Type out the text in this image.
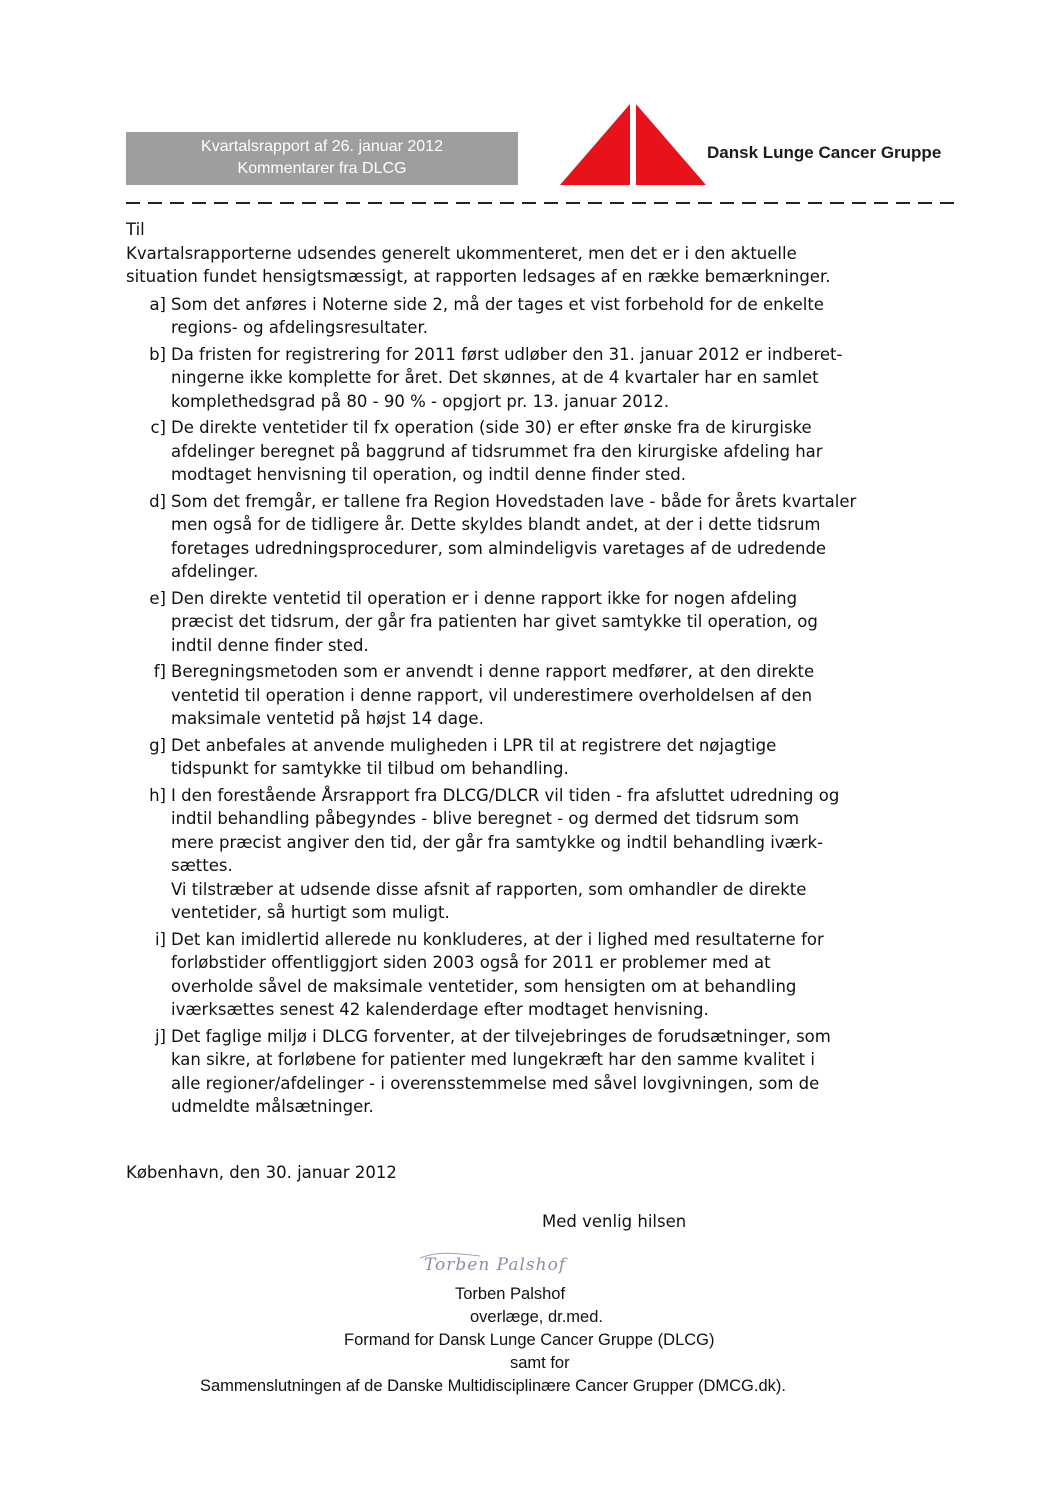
Kvartalsrapport af 26. januar 2012
Kommentarer fra DLCG
Dansk Lunge Cancer Gruppe

Til

Kvartalsrapporterne udsendes generelt ukommenteret, men det er i den aktuelle
situation fundet hensigtsmæssigt, at rapporten ledsages af en række bemærkninger.

a] Som det anføres i Noterne side 2, må der tages et vist forbehold for de enkelte
regions- og afdelingsresultater.
b] Da fristen for registrering for 2011 først udløber den 31. januar 2012 er indberet-
ningerne ikke komplette for året. Det skønnes, at de 4 kvartaler har en samlet
komplethedsgrad på 80 - 90 % - opgjort pr. 13. januar 2012.
c] De direkte ventetider til fx operation (side 30) er efter ønske fra de kirurgiske
afdelinger beregnet på baggrund af tidsrummet fra den kirurgiske afdeling har
modtaget henvisning til operation, og indtil denne finder sted.
d] Som det fremgår, er tallene fra Region Hovedstaden lave - både for årets kvartaler
men også for de tidligere år. Dette skyldes blandt andet, at der i dette tidsrum
foretages udredningsprocedurer, som almindeligvis varetages af de udredende
afdelinger.
e] Den direkte ventetid til operation er i denne rapport ikke for nogen afdeling
præcist det tidsrum, der går fra patienten har givet samtykke til operation, og
indtil denne finder sted.
f] Beregningsmetoden som er anvendt i denne rapport medfører, at den direkte
ventetid til operation i denne rapport, vil underestimere overholdelsen af den
maksimale ventetid på højst 14 dage.
g] Det anbefales at anvende muligheden i LPR til at registrere det nøjagtige
tidspunkt for samtykke til tilbud om behandling.
h] I den forestående Årsrapport fra DLCG/DLCR vil tiden - fra afsluttet udredning og
indtil behandling påbegyndes - blive beregnet - og dermed det tidsrum som
mere præcist angiver den tid, der går fra samtykke og indtil behandling iværk-
sættes.
Vi tilstræber at udsende disse afsnit af rapporten, som omhandler de direkte
ventetider, så hurtigt som muligt.
i] Det kan imidlertid allerede nu konkluderes, at der i lighed med resultaterne for
forløbstider offentliggjort siden 2003 også for 2011 er problemer med at
overholde såvel de maksimale ventetider, som hensigten om at behandling
iværksættes senest 42 kalenderdage efter modtaget henvisning.
j] Det faglige miljø i DLCG forventer, at der tilvejebringes de forudsætninger, som
kan sikre, at forløbene for patienter med lungekræft har den samme kvalitet i
alle regioner/afdelinger - i overensstemmelse med såvel lovgivningen, som de
udmeldte målsætninger.
København, den 30. januar 2012
Med venlig hilsen
Torben Palshof
Torben Palshof
overlæge, dr.med.
Formand for Dansk Lunge Cancer Gruppe (DLCG)
samt for
Sammenslutningen af de Danske Multidisciplinære Cancer Grupper (DMCG.dk).
